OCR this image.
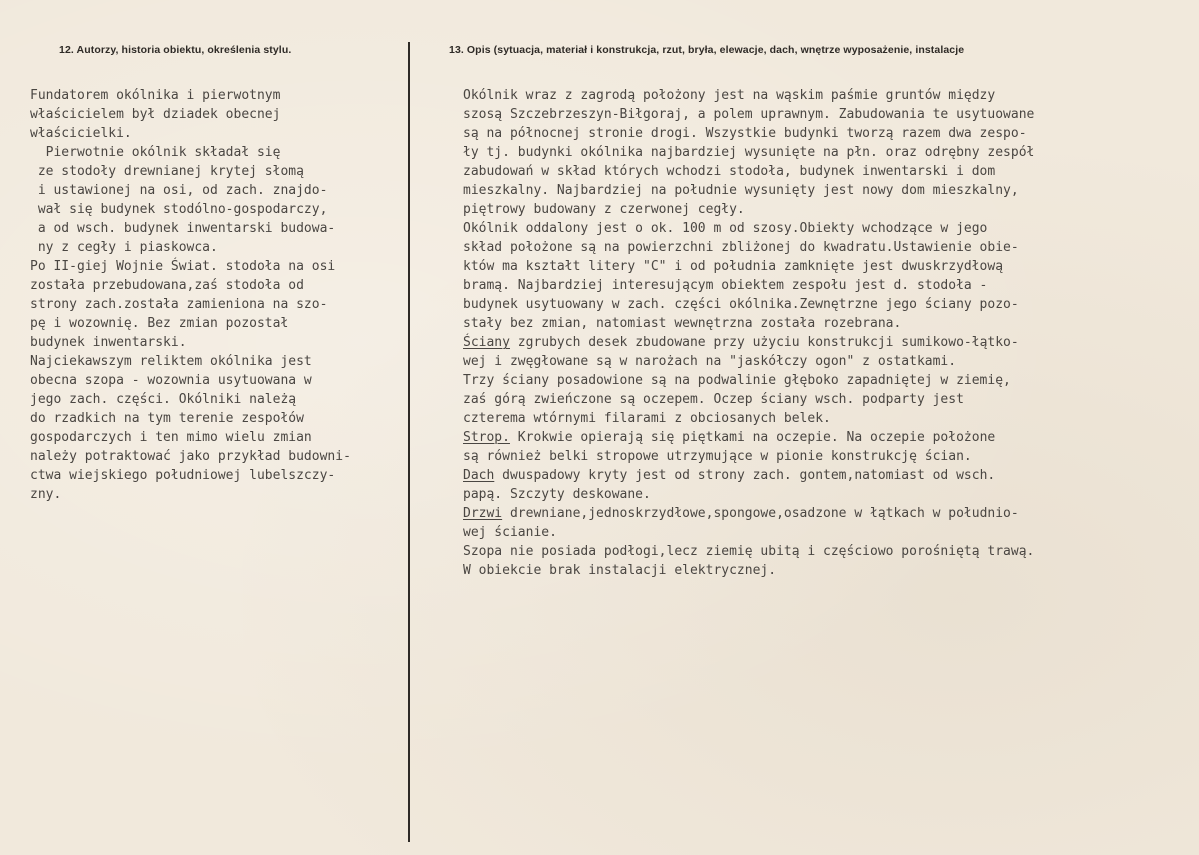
12. Autorzy, historia obiektu, określenia stylu.	13. Opis (sytuacja, materiał i konstrukcja, rzut, bryła, elewacje, dach, wnętrze wyposażenie, instalacje
Fundatorem okólnika i pierwotnym
właścicielem był dziadek obecnej
właścicielki.
Pierwotnie okólnik składał się
ze stodoły drewnianej krytej słomą
i ustawionej na osi, od zach. znajdo-
wał się budynek stodólno-gospodarczy,
a od wsch. budynek inwentarski budowa-
ny z cegły i piaskowca.
Po II-giej Wojnie Świat. stodoła na osi
została przebudowana,zaś stodoła od
strony zach.została zamieniona na szo-
pę i wozownię. Bez zmian pozostał
budynek inwentarski.
Najciekawszym reliktem okólnika jest
obecna szopa - wozownia usytuowana w
jego zach. części. Okólniki należą
do rzadkich na tym terenie zespołów
gospodarczych i ten mimo wielu zmian
należy potraktować jako przykład budowni-
ctwa wiejskiego południowej lubelszczy-
zny.
Okólnik wraz z zagrodą położony jest na wąskim paśmie gruntów między
szosą Szczebrzeszyn-Biłgoraj, a polem uprawnym. Zabudowania te usytuowane
są na północnej stronie drogi. Wszystkie budynki tworzą razem dwa zespo-
ły tj. budynki okólnika najbardziej wysunięte na płn. oraz odrębny zespół
zabudowań w skład których wchodzi stodoła, budynek inwentarski i dom
mieszkalny. Najbardziej na południe wysunięty jest nowy dom mieszkalny,
piętrowy budowany z czerwonej cegły.
Okólnik oddalony jest o ok. 100 m od szosy.Obiekty wchodzące w jego
skład położone są na powierzchni zbliżonej do kwadratu.Ustawienie obie-
któw ma kształt litery "C" i od południa zamknięte jest dwuskrzydłową
bramą. Najbardziej interesującym obiektem zespołu jest d. stodoła -
budynek usytuowany w zach. części okólnika.Zewnętrzne jego ściany pozo-
stały bez zmian, natomiast wewnętrzna została rozebrana.
Ściany zgrubych desek zbudowane przy użyciu konstrukcji sumikowo-łątko-
wej i zwęgłowane są w narożach na "jaskółczy ogon" z ostatkami.
Trzy ściany posadowione są na podwalinie głęboko zapadniętej w ziemię,
zaś górą zwieńczone są oczepem. Oczep ściany wsch. podparty jest
czterema wtórnymi filarami z obciosanych belek.
Strop. Krokwie opierają się piętkami na oczepie. Na oczepie położone
są również belki stropowe utrzymujące w pionie konstrukcję ścian.
Dach dwuspadowy kryty jest od strony zach. gontem,natomiast od wsch.
papą. Szczyty deskowane.
Drzwi drewniane,jednoskrzydłowe,spongowe,osadzone w łątkach w południo-
wej ścianie.
Szopa nie posiada podłogi,lecz ziemię ubitą i częściowo porośniętą trawą.
W obiekcie brak instalacji elektrycznej.
